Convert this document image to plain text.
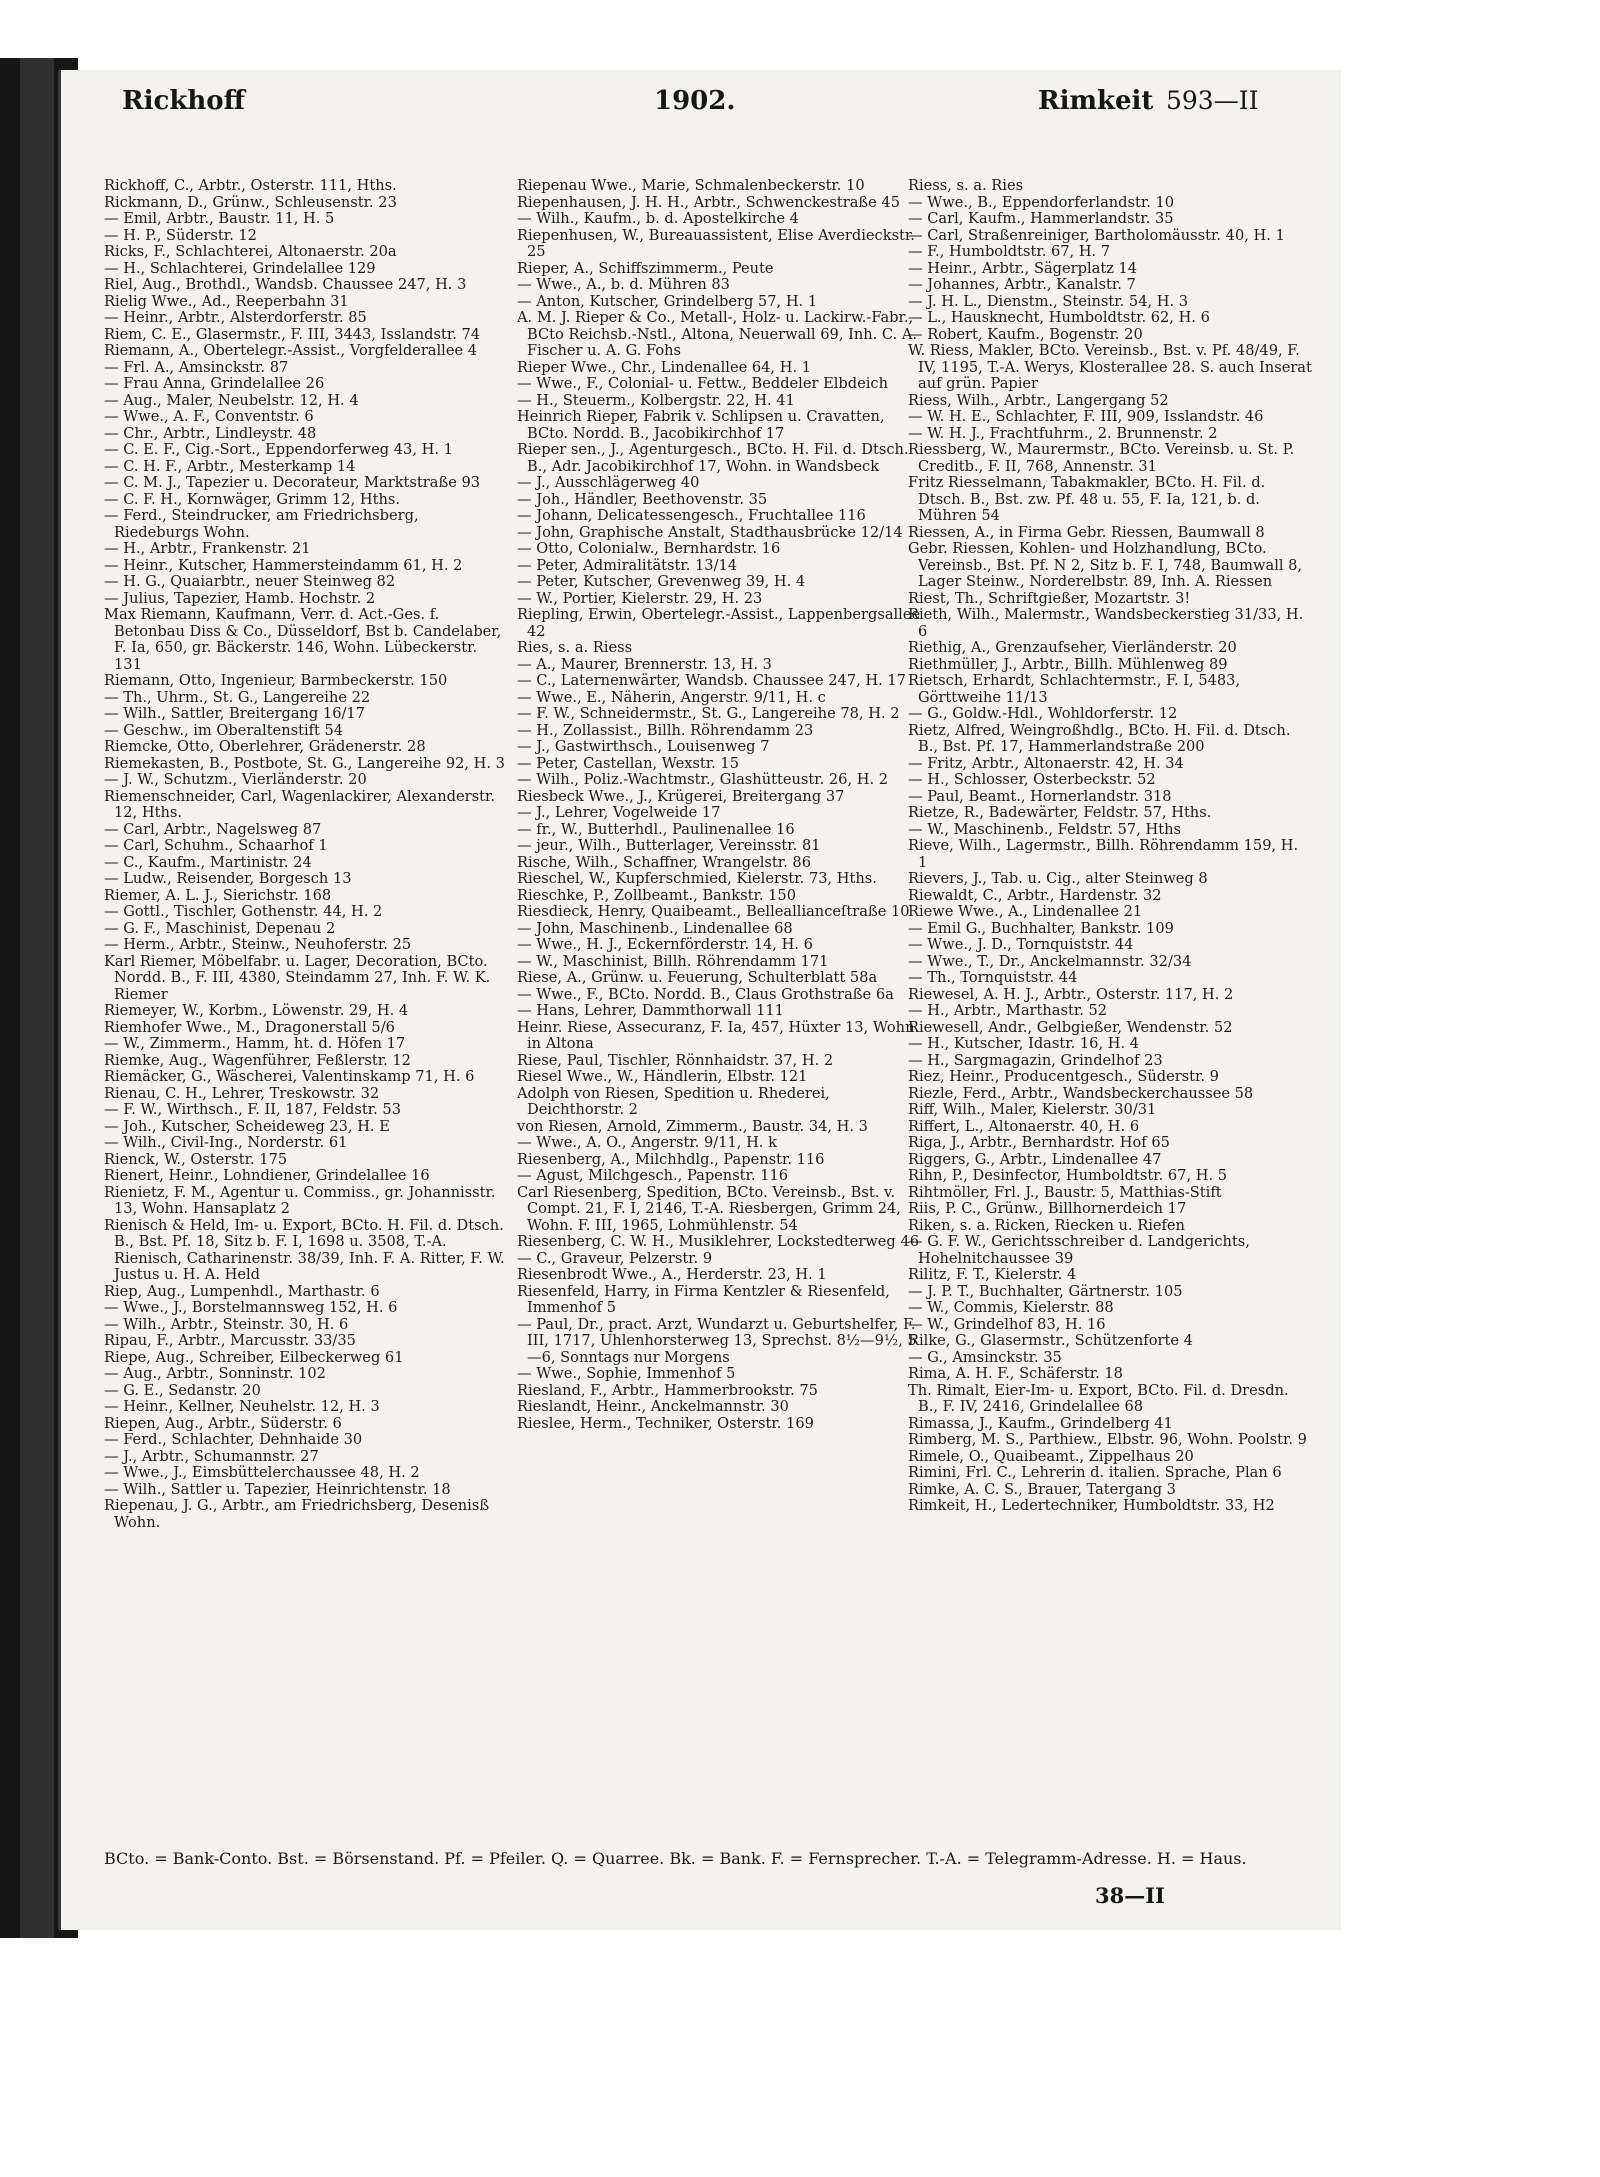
Rickhoff	1902.	Rimkeit 593—II
Rickhoff, C., Arbtr., Osterstr. 111, Hths.
Rickmann, D., Grünw., Schleusenstr. 23
— Emil, Arbtr., Baustr. 11, H. 5
— H. P., Süderstr. 12
Ricks, F., Schlachterei, Altonaerstr. 20a
— H., Schlachterei, Grindelallee 129
Riel, Aug., Brothdl., Wandsb. Chaussee 247, H. 3
Rielig Wwe., Ad., Reeperbahn 31
— Heinr., Arbtr., Alsterdorferstr. 85
Riem, C. E., Glasermstr., F. III, 3443, Isslandstr. 74
Riemann, A., Obertelegr.-Assist., Vorgfelderallee 4
— Frl. A., Amsinckstr. 87
— Frau Anna, Grindelallee 26
— Aug., Maler, Neubelstr. 12, H. 4
— Wwe., A. F., Conventstr. 6
— Chr., Arbtr., Lindleystr. 48
— C. E. F., Cig.-Sort., Eppendorferweg 43, H. 1
— C. H. F., Arbtr., Mesterkamp 14
— C. M. J., Tapezier u. Decorateur, Marktstraße 93
— C. F. H., Kornwäger, Grimm 12, Hths.
— Ferd., Steindrucker, am Friedrichsberg, Riedeburgs Wohn.
— H., Arbtr., Frankenstr. 21
— Heinr., Kutscher, Hammersteindamm 61, H. 2
— H. G., Quaiarbtr., neuer Steinweg 82
— Julius, Tapezier, Hamb. Hochstr. 2
Max Riemann, Kaufmann, Verr. d. Act.-Ges. f. Betonbau Diss & Co., Düsseldorf, Bst b. Candelaber, F. Ia, 650, gr. Bäckerstr. 146, Wohn. Lübeckerstr. 131
Riemann, Otto, Ingenieur, Barmbeckerstr. 150
— Th., Uhrm., St. G., Langereihe 22
— Wilh., Sattler, Breitergang 16/17
— Geschw., im Oberaltenstift 54
Riemcke, Otto, Oberlehrer, Grädenerstr. 28
Riemekasten, B., Postbote, St. G., Langereihe 92, H. 3
— J. W., Schutzm., Vierländerstr. 20
Riemenschneider, Carl, Wagenlackirer, Alexanderstr. 12, Hths.
— Carl, Arbtr., Nagelsweg 87
— Carl, Schuhm., Schaarhof 1
— C., Kaufm., Martinistr. 24
— Ludw., Reisender, Borgesch 13
Riemer, A. L. J., Sierichstr. 168
— Gottl., Tischler, Gothenstr. 44, H. 2
— G. F., Maschinist, Depenau 2
— Herm., Arbtr., Steinw., Neuhoferstr. 25
Karl Riemer, Möbelfabr. u. Lager, Decoration, BCto. Nordd. B., F. III, 4380, Steindamm 27, Inh. F. W. K. Riemer
Riemeyer, W., Korbm., Löwenstr. 29, H. 4
Riemhofer Wwe., M., Dragonerstall 5/6
— W., Zimmerm., Hamm, ht. d. Höfen 17
Riemke, Aug., Wagenführer, Feßlerstr. 12
Riemäcker, G., Wäscherei, Valentinskamp 71, H. 6
Rienau, C. H., Lehrer, Treskowstr. 32
— F. W., Wirthsch., F. II, 187, Feldstr. 53
— Joh., Kutscher, Scheideweg 23, H. E
— Wilh., Civil-Ing., Norderstr. 61
Rienck, W., Osterstr. 175
Rienert, Heinr., Lohndiener, Grindelallee 16
Rienietz, F. M., Agentur u. Commiss., gr. Johannisstr. 13, Wohn. Hansaplatz 2
Rienisch & Held, Im- u. Export, BCto. H. Fil. d. Dtsch. B., Bst. Pf. 18, Sitz b. F. I, 1698 u. 3508, T.-A. Rienisch, Catharinenstr. 38/39, Inh. F. A. Ritter, F. W. Justus u. H. A. Held
Riep, Aug., Lumpenhdl., Marthastr. 6
— Wwe., J., Borstelmannsweg 152, H. 6
— Wilh., Arbtr., Steinstr. 30, H. 6
Ripau, F., Arbtr., Marcusstr. 33/35
Riepe, Aug., Schreiber, Eilbeckerweg 61
— Aug., Arbtr., Sonninstr. 102
— G. E., Sedanstr. 20
— Heinr., Kellner, Neuhelstr. 12, H. 3
Riepen, Aug., Arbtr., Süderstr. 6
— Ferd., Schlachter, Dehnhaide 30
— J., Arbtr., Schumannstr. 27
— Wwe., J., Eimsbüttelerchaussee 48, H. 2
— Wilh., Sattler u. Tapezier, Heinrichtenstr. 18
Riepenau, J. G., Arbtr., am Friedrichsberg, Desenisß Wohn.
Riepenau Wwe., Marie, Schmalenbeckerstr. 10
Riepenhausen, J. H. H., Arbtr., Schwenckestraße 45
— Wilh., Kaufm., b. d. Apostelkirche 4
Riepenhusen, W., Bureauassistent, Elise Averdieckstr. 25
Rieper, A., Schiffszimmerm., Peute
— Wwe., A., b. d. Mühren 83
— Anton, Kutscher, Grindelberg 57, H. 1
A. M. J. Rieper & Co., Metall-, Holz- u. Lackirw.-Fabr., BCto Reichsb.-Nstl., Altona, Neuerwall 69, Inh. C. A. Fischer u. A. G. Fohs
Rieper Wwe., Chr., Lindenallee 64, H. 1
— Wwe., F., Colonial- u. Fettw., Beddeler Elbdeich
— H., Steuerm., Kolbergstr. 22, H. 41
Heinrich Rieper, Fabrik v. Schlipsen u. Cravatten, BCto. Nordd. B., Jacobikirchhof 17
Rieper sen., J., Agenturgesch., BCto. H. Fil. d. Dtsch. B., Adr. Jacobikirchhof 17, Wohn. in Wandsbeck
— J., Ausschlägerweg 40
— Joh., Händler, Beethovenstr. 35
— Johann, Delicatessengesch., Fruchtallee 116
— John, Graphische Anstalt, Stadthausbrücke 12/14
— Otto, Colonialw., Bernhardstr. 16
— Peter, Admiralitätstr. 13/14
— Peter, Kutscher, Grevenweg 39, H. 4
— W., Portier, Kielerstr. 29, H. 23
Riepling, Erwin, Obertelegr.-Assist., Lappenbergsallee 42
Ries, s. a. Riess
— A., Maurer, Brennerstr. 13, H. 3
— C., Laternenwärter, Wandsb. Chaussee 247, H. 17
— Wwe., E., Näherin, Angerstr. 9/11, H. c
— F. W., Schneidermstr., St. G., Langereihe 78, H. 2
— H., Zollassist., Billh. Röhrendamm 23
— J., Gastwirthsch., Louisenweg 7
— Peter, Castellan, Wexstr. 15
— Wilh., Poliz.-Wachtmstr., Glashütteustr. 26, H. 2
Riesbeck Wwe., J., Krügerei, Breitergang 37
— J., Lehrer, Vogelweide 17
— fr., W., Butterhdl., Paulinenallee 16
— jeur., Wilh., Butterlager, Vereinsstr. 81
Rische, Wilh., Schaffner, Wrangelstr. 86
Rieschel, W., Kupferschmied, Kielerstr. 73, Hths.
Rieschke, P., Zollbeamt., Bankstr. 150
Riesdieck, Henry, Quaibeamt., Belleallianceſtraße 10
— John, Maschinenb., Lindenallee 68
— Wwe., H. J., Eckernförderstr. 14, H. 6
— W., Maschinist, Billh. Röhrendamm 171
Riese, A., Grünw. u. Feuerung, Schulterblatt 58a
— Wwe., F., BCto. Nordd. B., Claus Grothstraße 6a
— Hans, Lehrer, Dammthorwall 111
Heinr. Riese, Assecuranz, F. Ia, 457, Hüxter 13, Wohn. in Altona
Riese, Paul, Tischler, Rönnhaidstr. 37, H. 2
Riesel Wwe., W., Händlerin, Elbstr. 121
Adolph von Riesen, Spedition u. Rhederei, Deichthorstr. 2
von Riesen, Arnold, Zimmerm., Baustr. 34, H. 3
— Wwe., A. O., Angerstr. 9/11, H. k
Riesenberg, A., Milchhdlg., Papenstr. 116
— Agust, Milchgesch., Papenstr. 116
Carl Riesenberg, Spedition, BCto. Vereinsb., Bst. v. Compt. 21, F. I, 2146, T.-A. Riesbergen, Grimm 24, Wohn. F. III, 1965, Lohmühlenstr. 54
Riesenberg, C. W. H., Musiklehrer, Lockstedterweg 46
— C., Graveur, Pelzerstr. 9
Riesenbrodt Wwe., A., Herderstr. 23, H. 1
Riesenfeld, Harry, in Firma Kentzler & Riesenfeld, Immenhof 5
— Paul, Dr., pract. Arzt, Wundarzt u. Geburtshelfer, F. III, 1717, Uhlenhorsterweg 13, Sprechst. 8½—9½, 5—6, Sonntags nur Morgens
— Wwe., Sophie, Immenhof 5
Riesland, F., Arbtr., Hammerbrookstr. 75
Rieslandt, Heinr., Anckelmannstr. 30
Rieslee, Herm., Techniker, Osterstr. 169
Riess, s. a. Ries
— Wwe., B., Eppendorferlandstr. 10
— Carl, Kaufm., Hammerlandstr. 35
— Carl, Straßenreiniger, Bartholomäusstr. 40, H. 1
— F., Humboldtstr. 67, H. 7
— Heinr., Arbtr., Sägerplatz 14
— Johannes, Arbtr., Kanalstr. 7
— J. H. L., Dienstm., Steinstr. 54, H. 3
— L., Hausknecht, Humboldtstr. 62, H. 6
— Robert, Kaufm., Bogenstr. 20
W. Riess, Makler, BCto. Vereinsb., Bst. v. Pf. 48/49, F. IV, 1195, T.-A. Werys, Klosterallee 28. S. auch Inserat auf grün. Papier
Riess, Wilh., Arbtr., Langergang 52
— W. H. E., Schlachter, F. III, 909, Isslandstr. 46
— W. H. J., Frachtfuhrm., 2. Brunnenstr. 2
Riessberg, W., Maurermstr., BCto. Vereinsb. u. St. P. Creditb., F. II, 768, Annenstr. 31
Fritz Riesselmann, Tabakmakler, BCto. H. Fil. d. Dtsch. B., Bst. zw. Pf. 48 u. 55, F. Ia, 121, b. d. Mühren 54
Riessen, A., in Firma Gebr. Riessen, Baumwall 8
Gebr. Riessen, Kohlen- und Holzhandlung, BCto. Vereinsb., Bst. Pf. N 2, Sitz b. F. I, 748, Baumwall 8, Lager Steinw., Norderelbstr. 89, Inh. A. Riessen
Riest, Th., Schriftgießer, Mozartstr. 3!
Rieth, Wilh., Malermstr., Wandsbeckerstieg 31/33, H. 6
Riethig, A., Grenzaufseher, Vierländerstr. 20
Riethmüller, J., Arbtr., Billh. Mühlenweg 89
Rietsch, Erhardt, Schlachtermstr., F. I, 5483, Görttweihe 11/13
— G., Goldw.-Hdl., Wohldorferstr. 12
Rietz, Alfred, Weingroßhdlg., BCto. H. Fil. d. Dtsch. B., Bst. Pf. 17, Hammerlandstraße 200
— Fritz, Arbtr., Altonaerstr. 42, H. 34
— H., Schlosser, Osterbeckstr. 52
— Paul, Beamt., Hornerlandstr. 318
Rietze, R., Badewärter, Feldstr. 57, Hths.
— W., Maschinenb., Feldstr. 57, Hths
Rieve, Wilh., Lagermstr., Billh. Röhrendamm 159, H. 1
Rievers, J., Tab. u. Cig., alter Steinweg 8
Riewaldt, C., Arbtr., Hardenstr. 32
Riewe Wwe., A., Lindenallee 21
— Emil G., Buchhalter, Bankstr. 109
— Wwe., J. D., Tornquiststr. 44
— Wwe., T., Dr., Anckelmannstr. 32/34
— Th., Tornquiststr. 44
Riewesel, A. H. J., Arbtr., Osterstr. 117, H. 2
— H., Arbtr., Marthastr. 52
Riewesell, Andr., Gelbgießer, Wendenstr. 52
— H., Kutscher, Idastr. 16, H. 4
— H., Sargmagazin, Grindelhof 23
Riez, Heinr., Producentgesch., Süderstr. 9
Riezle, Ferd., Arbtr., Wandsbeckerchaussee 58
Riff, Wilh., Maler, Kielerstr. 30/31
Riffert, L., Altonaerstr. 40, H. 6
Riga, J., Arbtr., Bernhardstr. Hof 65
Riggers, G., Arbtr., Lindenallee 47
Rihn, P., Desinfector, Humboldtstr. 67, H. 5
Rihtmöller, Frl. J., Baustr. 5, Matthias-Stift
Riis, P. C., Grünw., Billhornerdeich 17
Riken, s. a. Ricken, Riecken u. Riefen
— G. F. W., Gerichtsschreiber d. Landgerichts, Hohelnitchaussee 39
Rilitz, F. T., Kielerstr. 4
— J. P. T., Buchhalter, Gärtnerstr. 105
— W., Commis, Kielerstr. 88
— W., Grindelhof 83, H. 16
Rilke, G., Glasermstr., Schützenforte 4
— G., Amsinckstr. 35
Rima, A. H. F., Schäferstr. 18
Th. Rimalt, Eier-Im- u. Export, BCto. Fil. d. Dresdn. B., F. IV, 2416, Grindelallee 68
Rimassa, J., Kaufm., Grindelberg 41
Rimberg, M. S., Parthiew., Elbstr. 96, Wohn. Poolstr. 9
Rimele, O., Quaibeamt., Zippelhaus 20
Rimini, Frl. C., Lehrerin d. italien. Sprache, Plan 6
Rimke, A. C. S., Brauer, Tatergang 3
Rimkeit, H., Ledertechniker, Humboldtstr. 33, H2
BCto. = Bank-Conto. Bst. = Börsenstand. Pf. = Pfeiler. Q. = Quarree. Bk. = Bank. F. = Fernsprecher. T.-A. = Telegramm-Adresse. H. = Haus.
38—II
